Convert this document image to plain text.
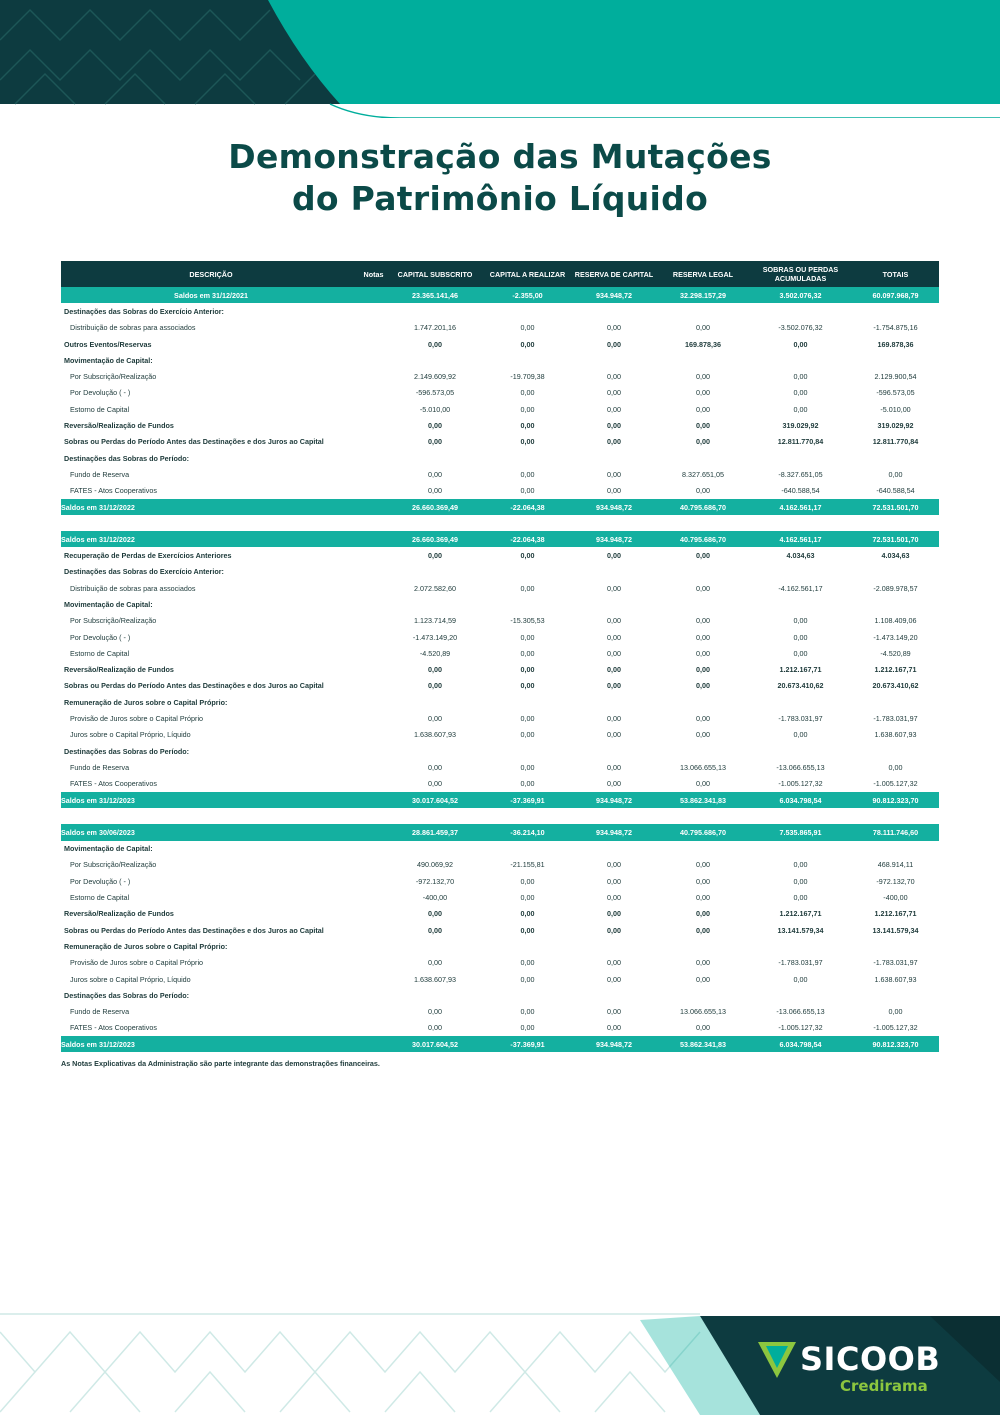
Demonstração das Mutações
do Patrimônio Líquido
DESCRIÇÃO	Notas	CAPITAL SUBSCRITO	CAPITAL A REALIZAR	RESERVA DE CAPITAL	RESERVA LEGAL	SOBRAS OU PERDAS ACUMULADAS	TOTAIS
Saldos em 31/12/2021		23.365.141,46	-2.355,00	934.948,72	32.298.157,29	3.502.076,32	60.097.968,79
Destinações das Sobras do Exercício Anterior:							
Distribuição de sobras para associados		1.747.201,16	0,00	0,00	0,00	-3.502.076,32	-1.754.875,16
Outros Eventos/Reservas		0,00	0,00	0,00	169.878,36	0,00	169.878,36
Movimentação de Capital:							
Por Subscrição/Realização		2.149.609,92	-19.709,38	0,00	0,00	0,00	2.129.900,54
Por Devolução ( - )		-596.573,05	0,00	0,00	0,00	0,00	-596.573,05
Estorno de Capital		-5.010,00	0,00	0,00	0,00	0,00	-5.010,00
Reversão/Realização de Fundos		0,00	0,00	0,00	0,00	319.029,92	319.029,92
Sobras ou Perdas do Período Antes das Destinações e dos Juros ao Capital		0,00	0,00	0,00	0,00	12.811.770,84	12.811.770,84
Destinações das Sobras do Período:							
Fundo de Reserva		0,00	0,00	0,00	8.327.651,05	-8.327.651,05	0,00
FATES - Atos Cooperativos		0,00	0,00	0,00	0,00	-640.588,54	-640.588,54
Saldos em 31/12/2022		26.660.369,49	-22.064,38	934.948,72	40.795.686,70	4.162.561,17	72.531.501,70

Saldos em 31/12/2022		26.660.369,49	-22.064,38	934.948,72	40.795.686,70	4.162.561,17	72.531.501,70
Recuperação de Perdas de Exercícios Anteriores		0,00	0,00	0,00	0,00	4.034,63	4.034,63
Destinações das Sobras do Exercício Anterior:							
Distribuição de sobras para associados		2.072.582,60	0,00	0,00	0,00	-4.162.561,17	-2.089.978,57
Movimentação de Capital:							
Por Subscrição/Realização		1.123.714,59	-15.305,53	0,00	0,00	0,00	1.108.409,06
Por Devolução ( - )		-1.473.149,20	0,00	0,00	0,00	0,00	-1.473.149,20
Estorno de Capital		-4.520,89	0,00	0,00	0,00	0,00	-4.520,89
Reversão/Realização de Fundos		0,00	0,00	0,00	0,00	1.212.167,71	1.212.167,71
Sobras ou Perdas do Período Antes das Destinações e dos Juros ao Capital		0,00	0,00	0,00	0,00	20.673.410,62	20.673.410,62
Remuneração de Juros sobre o Capital Próprio:							
Provisão de Juros sobre o Capital Próprio		0,00	0,00	0,00	0,00	-1.783.031,97	-1.783.031,97
Juros sobre o Capital Próprio, Líquido		1.638.607,93	0,00	0,00	0,00	0,00	1.638.607,93
Destinações das Sobras do Período:							
Fundo de Reserva		0,00	0,00	0,00	13.066.655,13	-13.066.655,13	0,00
FATES - Atos Cooperativos		0,00	0,00	0,00	0,00	-1.005.127,32	-1.005.127,32
Saldos em 31/12/2023		30.017.604,52	-37.369,91	934.948,72	53.862.341,83	6.034.798,54	90.812.323,70

Saldos em 30/06/2023		28.861.459,37	-36.214,10	934.948,72	40.795.686,70	7.535.865,91	78.111.746,60
Movimentação de Capital:							
Por Subscrição/Realização		490.069,92	-21.155,81	0,00	0,00	0,00	468.914,11
Por Devolução ( - )		-972.132,70	0,00	0,00	0,00	0,00	-972.132,70
Estorno de Capital		-400,00	0,00	0,00	0,00	0,00	-400,00
Reversão/Realização de Fundos		0,00	0,00	0,00	0,00	1.212.167,71	1.212.167,71
Sobras ou Perdas do Período Antes das Destinações e dos Juros ao Capital		0,00	0,00	0,00	0,00	13.141.579,34	13.141.579,34
Remuneração de Juros sobre o Capital Próprio:							
Provisão de Juros sobre o Capital Próprio		0,00	0,00	0,00	0,00	-1.783.031,97	-1.783.031,97
Juros sobre o Capital Próprio, Líquido		1.638.607,93	0,00	0,00	0,00	0,00	1.638.607,93
Destinações das Sobras do Período:							
Fundo de Reserva		0,00	0,00	0,00	13.066.655,13	-13.066.655,13	0,00
FATES - Atos Cooperativos		0,00	0,00	0,00	0,00	-1.005.127,32	-1.005.127,32
Saldos em 31/12/2023		30.017.604,52	-37.369,91	934.948,72	53.862.341,83	6.034.798,54	90.812.323,70
As Notas Explicativas da Administração são parte integrante das demonstrações financeiras.
SICOOB
Credirama
